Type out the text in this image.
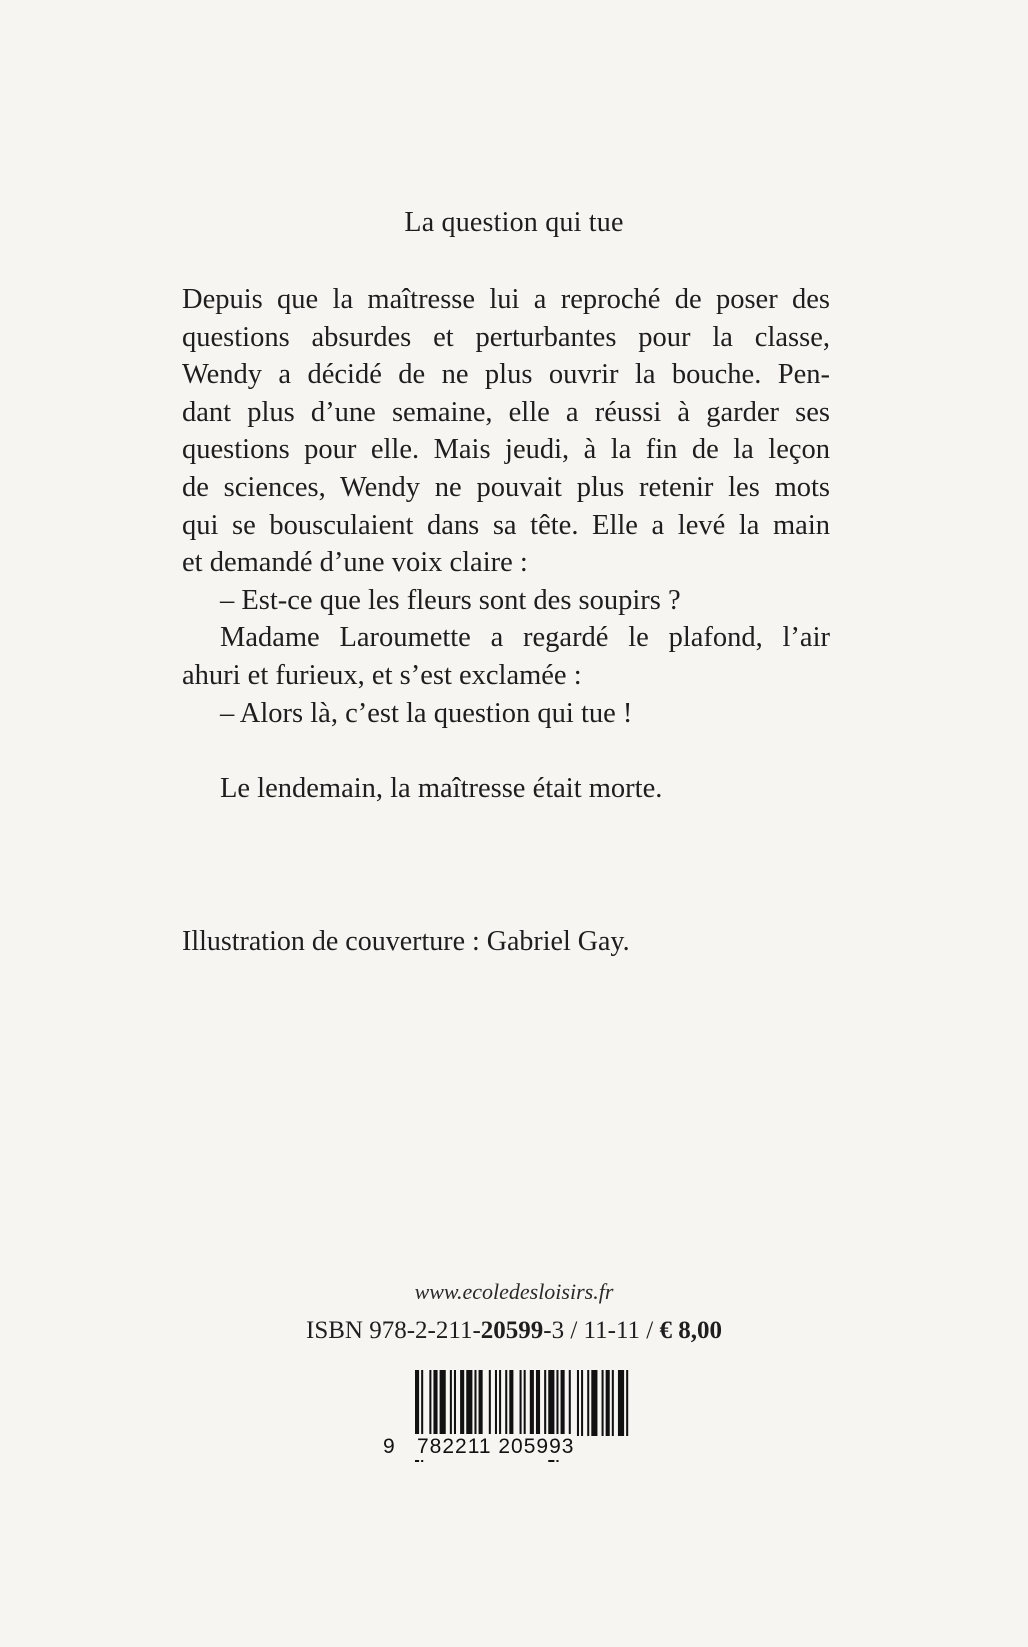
La question qui tue
Depuis que la maîtresse lui a reproché de poser des
questions absurdes et perturbantes pour la classe,
Wendy a décidé de ne plus ouvrir la bouche. Pen-
dant plus d’une semaine, elle a réussi à garder ses
questions pour elle. Mais jeudi, à la fin de la leçon
de sciences, Wendy ne pouvait plus retenir les mots
qui se bousculaient dans sa tête. Elle a levé la main
et demandé d’une voix claire :
– Est-ce que les fleurs sont des soupirs ?
Madame Laroumette a regardé le plafond, l’air
ahuri et furieux, et s’est exclamée :
– Alors là, c’est la question qui tue !
Le lendemain, la maîtresse était morte.
Illustration de couverture : Gabriel Gay.
www.ecoledesloisirs.fr
ISBN 978-2-211-20599-3 / 11-11 / € 8,00
9 782211 205993
